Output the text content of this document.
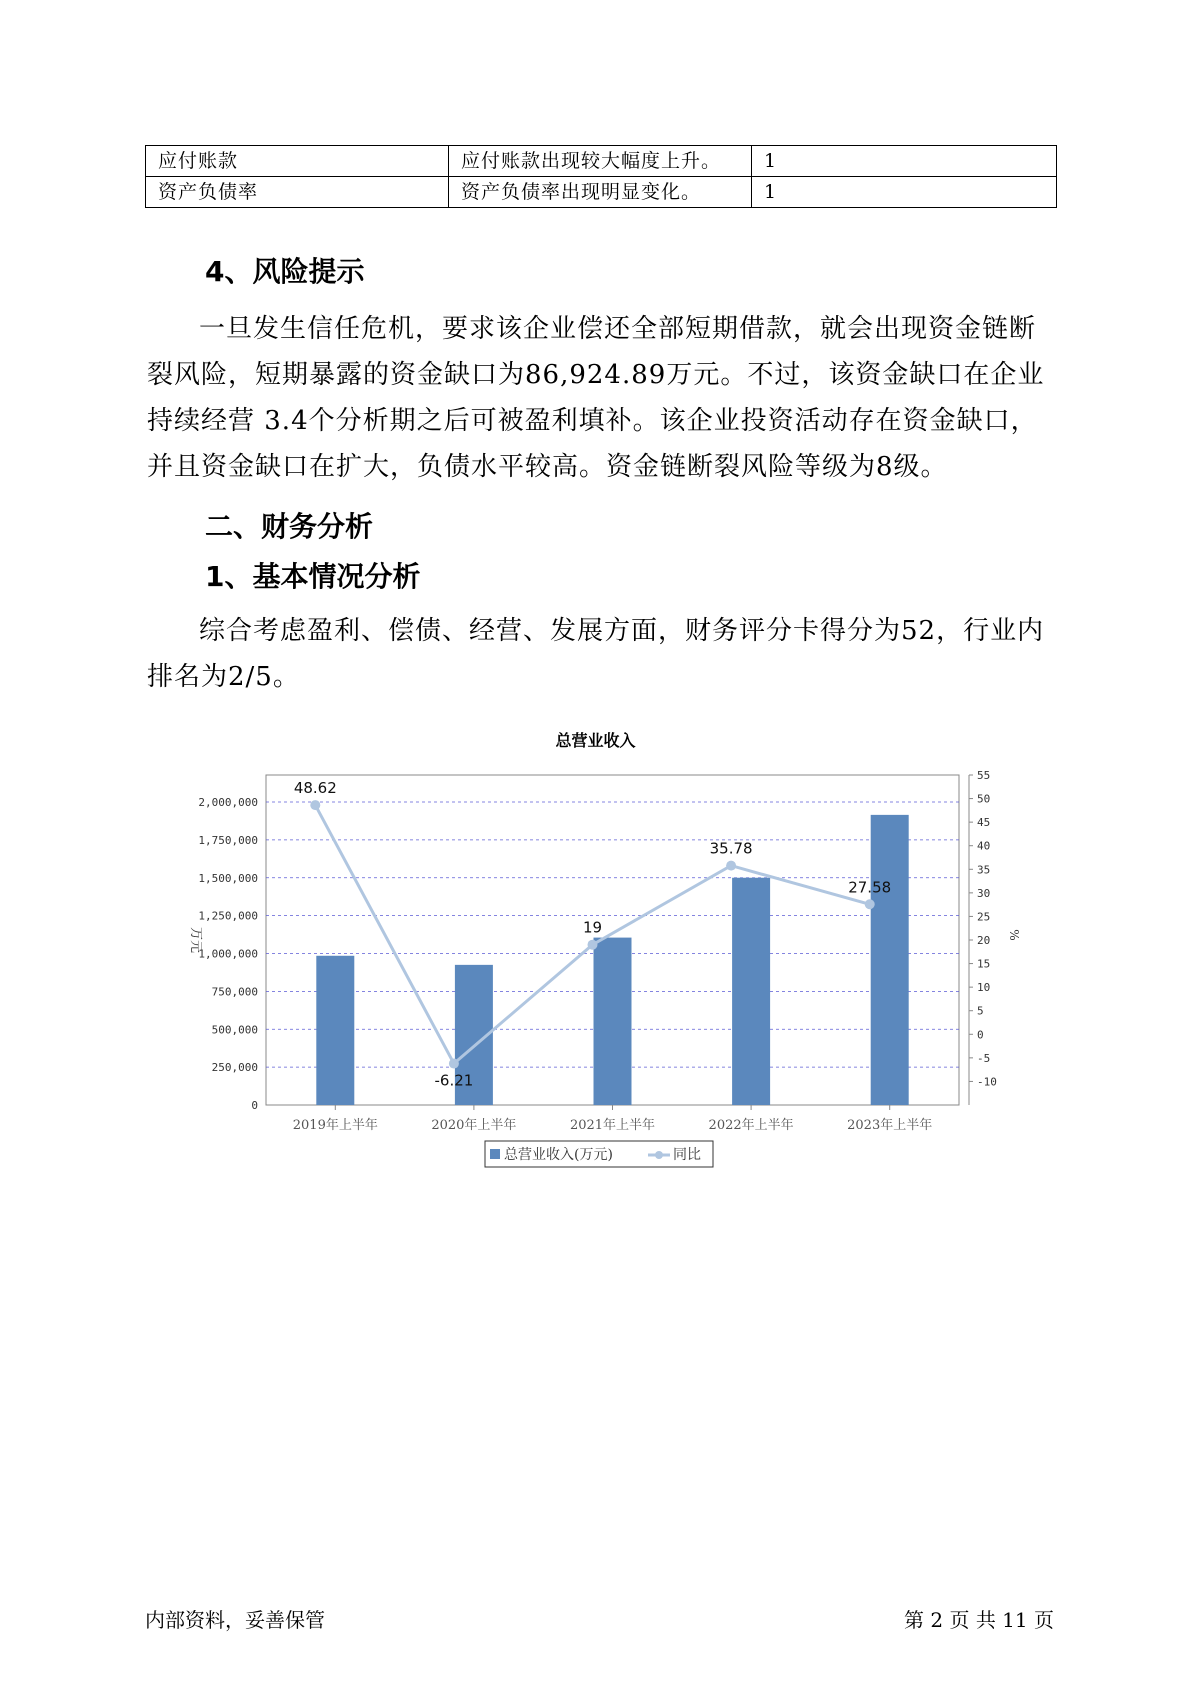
应付账款	应付账款出现较大幅度上升。	1
资产负债率	资产负债率出现明显变化。	1
4、风险提示

一旦发生信任危机，要求该企业偿还全部短期借款，就会出现资金链断裂风险，短期暴露的资金缺口为86,924.89万元。不过，该资金缺口在企业持续经营 3.4个分析期之后可被盈利填补。该企业投资活动存在资金缺口，并且资金缺口在扩大，负债水平较高。资金链断裂风险等级为8级。

二、财务分析
1、基本情况分析

综合考虑盈利、偿债、经营、发展方面，财务评分卡得分为52，行业内排名为2/5。

总营业收入
0
250,000
500,000
750,000
1,000,000
1,250,000
1,500,000
1,750,000
2,000,000
-10
-5
0
5
10
15
20
25
30
35
40
45
50
55
万元	%
48.62
-6.21
19
35.78
27.58
2019年上半年	2020年上半年	2021年上半年	2022年上半年	2023年上半年
总营业收入(万元)	同比
内部资料，妥善保管	第 2 页 共 11 页
